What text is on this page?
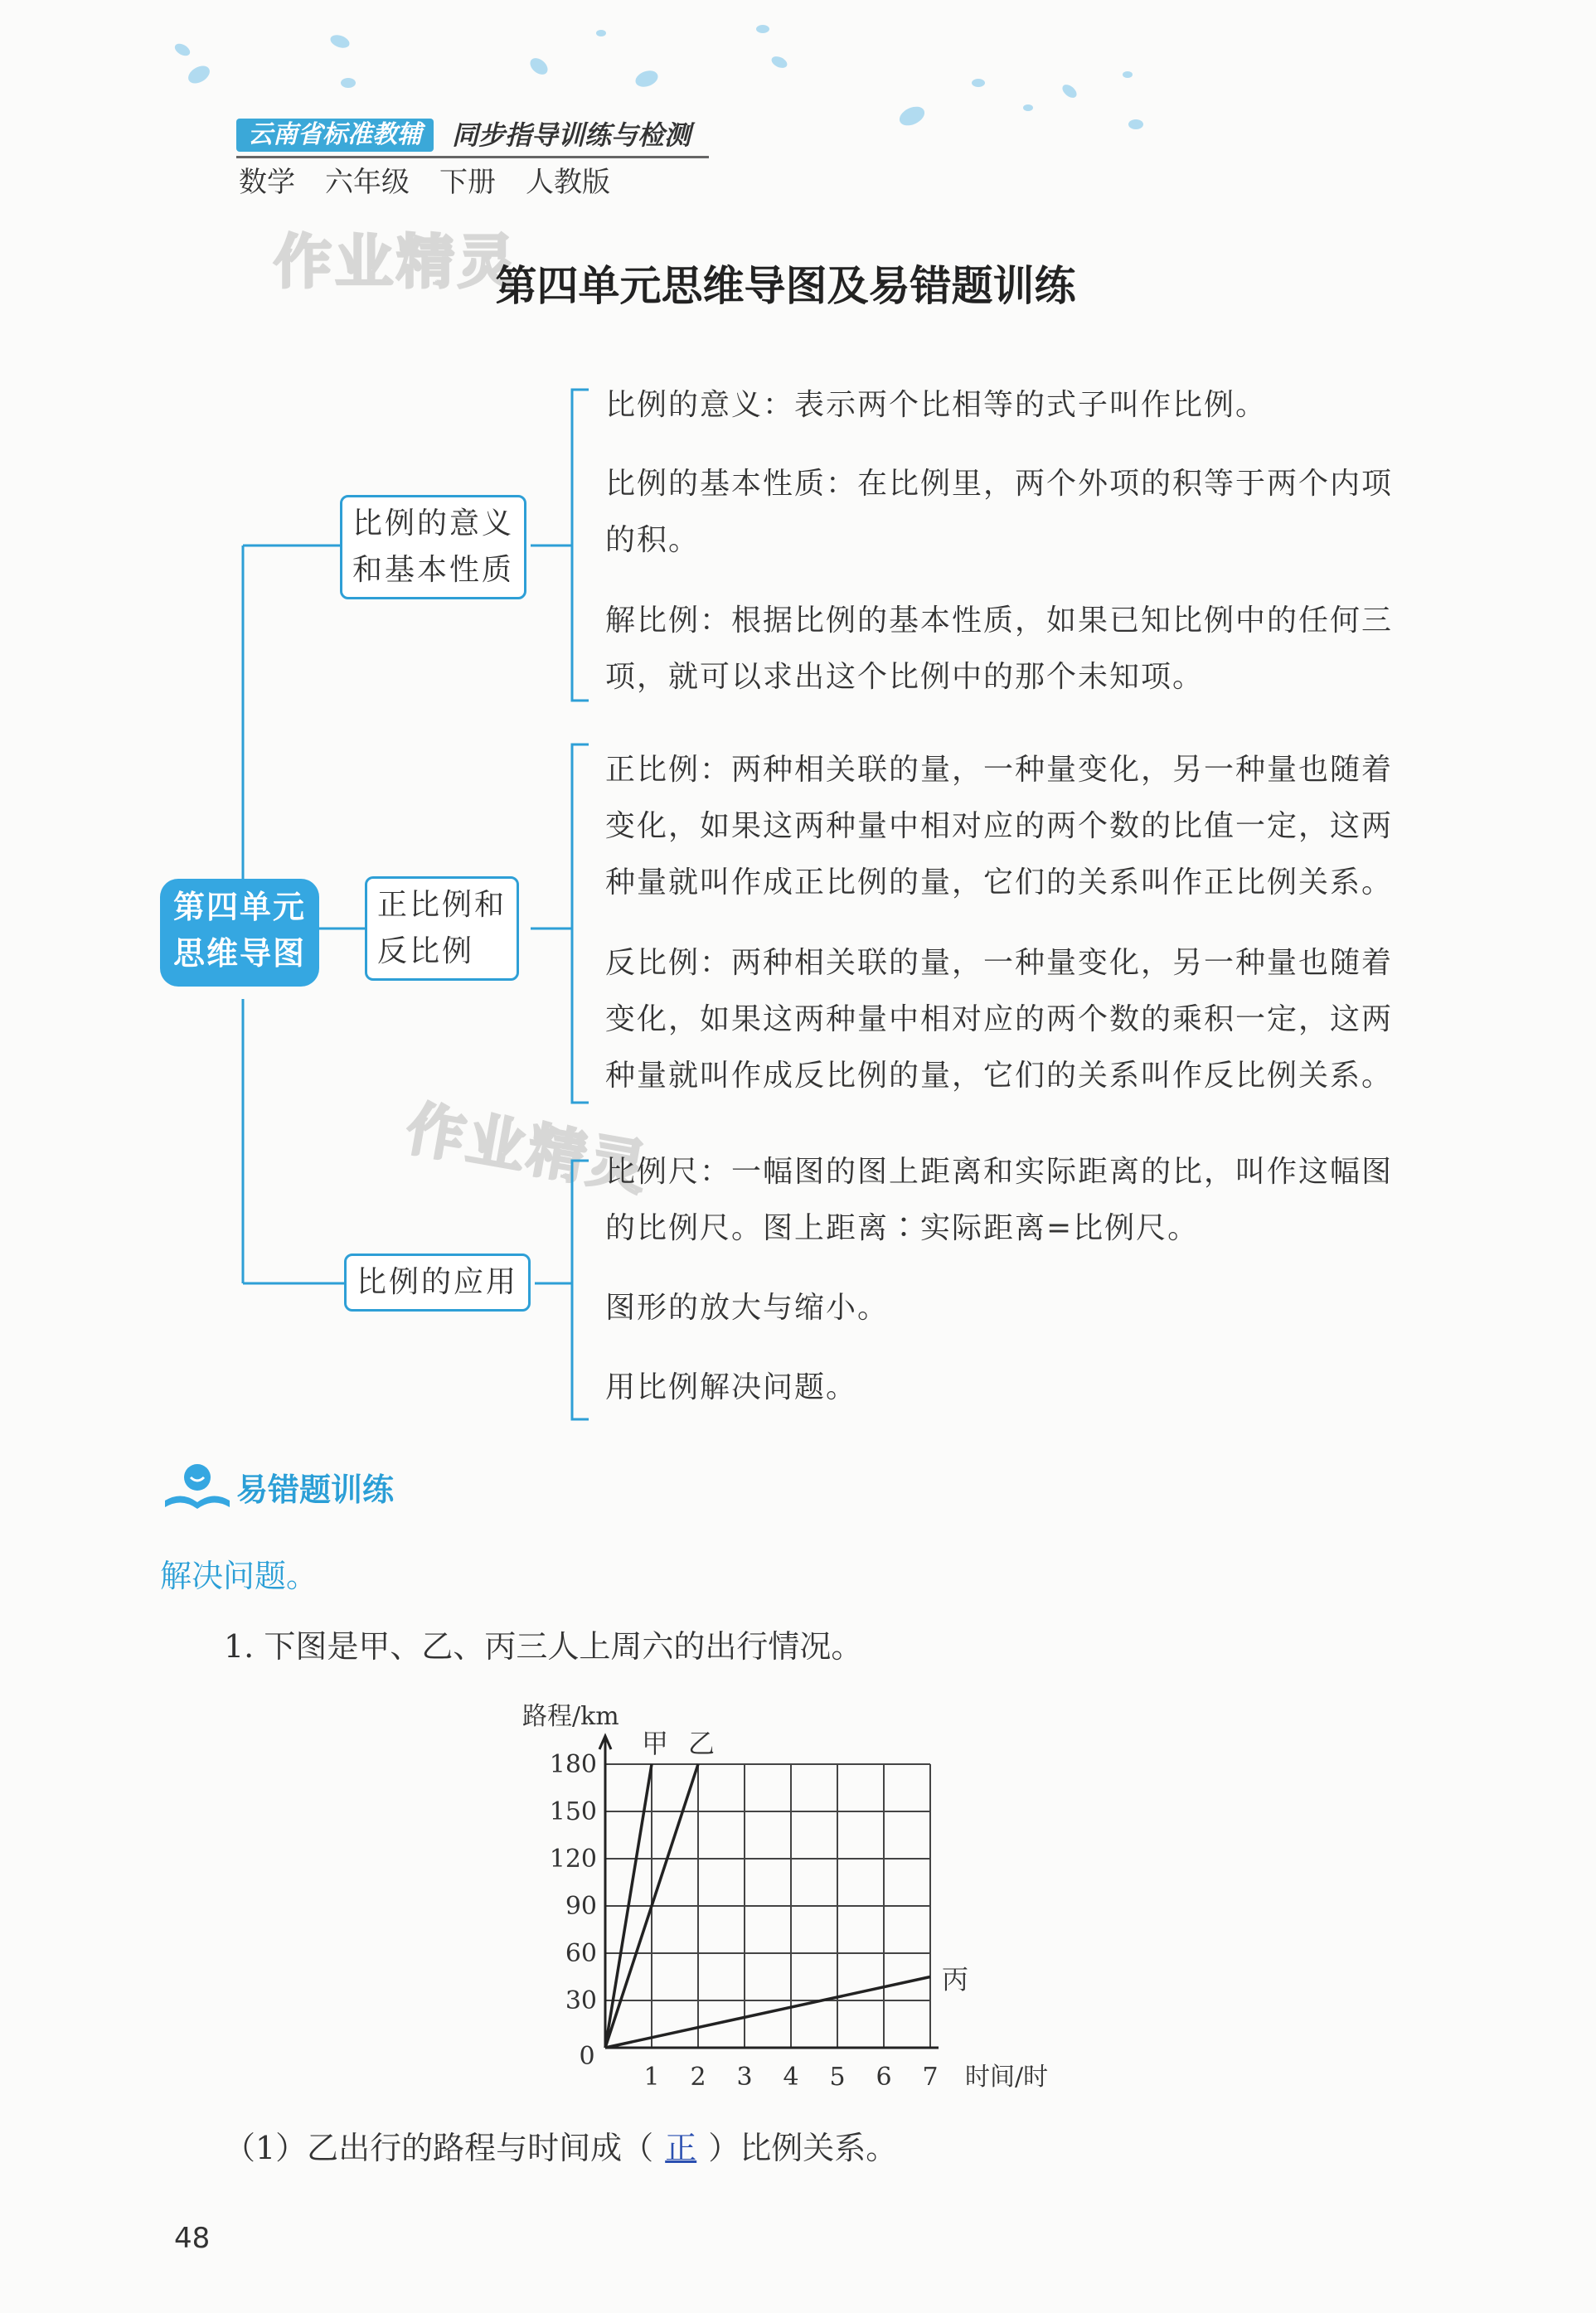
云南省标准教辅	同步指导训练与检测
数学 六年级 下册 人教版
作业精灵
作业精灵
第四单元思维导图及易错题训练
第四单元
思维导图
比例的意义
和基本性质
正比例和
反比例
比例的应用
比例的意义：表示两个比相等的式子叫作比例。
比例的基本性质：在比例里，两个外项的积等于两个内项
的积。
解比例：根据比例的基本性质，如果已知比例中的任何三
项，就可以求出这个比例中的那个未知项。
正比例：两种相关联的量，一种量变化，另一种量也随着
变化，如果这两种量中相对应的两个数的比值一定，这两
种量就叫作成正比例的量，它们的关系叫作正比例关系。
反比例：两种相关联的量，一种量变化，另一种量也随着
变化，如果这两种量中相对应的两个数的乘积一定，这两
种量就叫作成反比例的量，它们的关系叫作反比例关系。
比例尺：一幅图的图上距离和实际距离的比，叫作这幅图
的比例尺。图上距离∶实际距离=比例尺。
图形的放大与缩小。
用比例解决问题。
易错题训练
解决问题。
1. 下图是甲、乙、丙三人上周六的出行情况。
甲 乙
丙
1 2 3 4 5 6 7
30
60
90
120
150
180
0
路程/km
时间/时
（1）乙出行的路程与时间成（ 正 ）比例关系。
48
